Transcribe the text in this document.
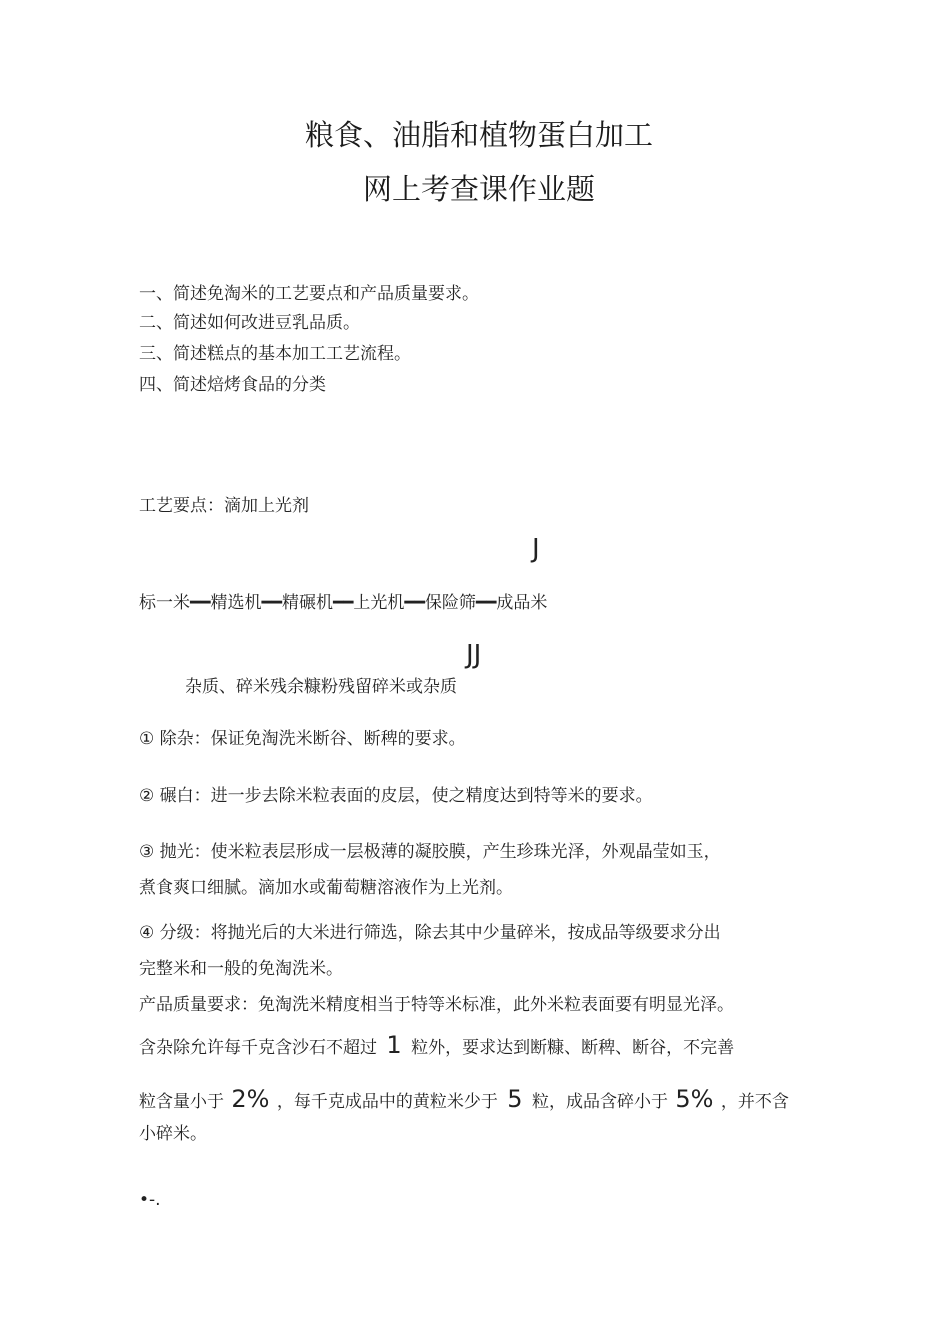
粮食、油脂和植物蛋白加工
网上考查课作业题
一、简述免淘米的工艺要点和产品质量要求。
二、简述如何改进豆乳品质。
三、简述糕点的基本加工工艺流程。
四、简述焙烤食品的分类
工艺要点：滴加上光剂
J
标一米━━精选机━━精碾机━━上光机━━保险筛━━成品米
JJ
杂质、碎米残余糠粉残留碎米或杂质
① 除杂：保证免淘洗米断谷、断稗的要求。
② 碾白：进一步去除米粒表面的皮层，使之精度达到特等米的要求。
③ 抛光：使米粒表层形成一层极薄的凝胶膜，产生珍珠光泽，外观晶莹如玉，
煮食爽口细腻。滴加水或葡萄糖溶液作为上光剂。
④ 分级：将抛光后的大米进行筛选，除去其中少量碎米，按成品等级要求分出
完整米和一般的免淘洗米。
产品质量要求：免淘洗米精度相当于特等米标准，此外米粒表面要有明显光泽。
含杂除允许每千克含沙石不超过 1 粒外，要求达到断糠、断稗、断谷，不完善
粒含量小于 2% ，每千克成品中的黄粒米少于 5 粒，成品含碎小于 5% ，并不含
小碎米。
•-.
